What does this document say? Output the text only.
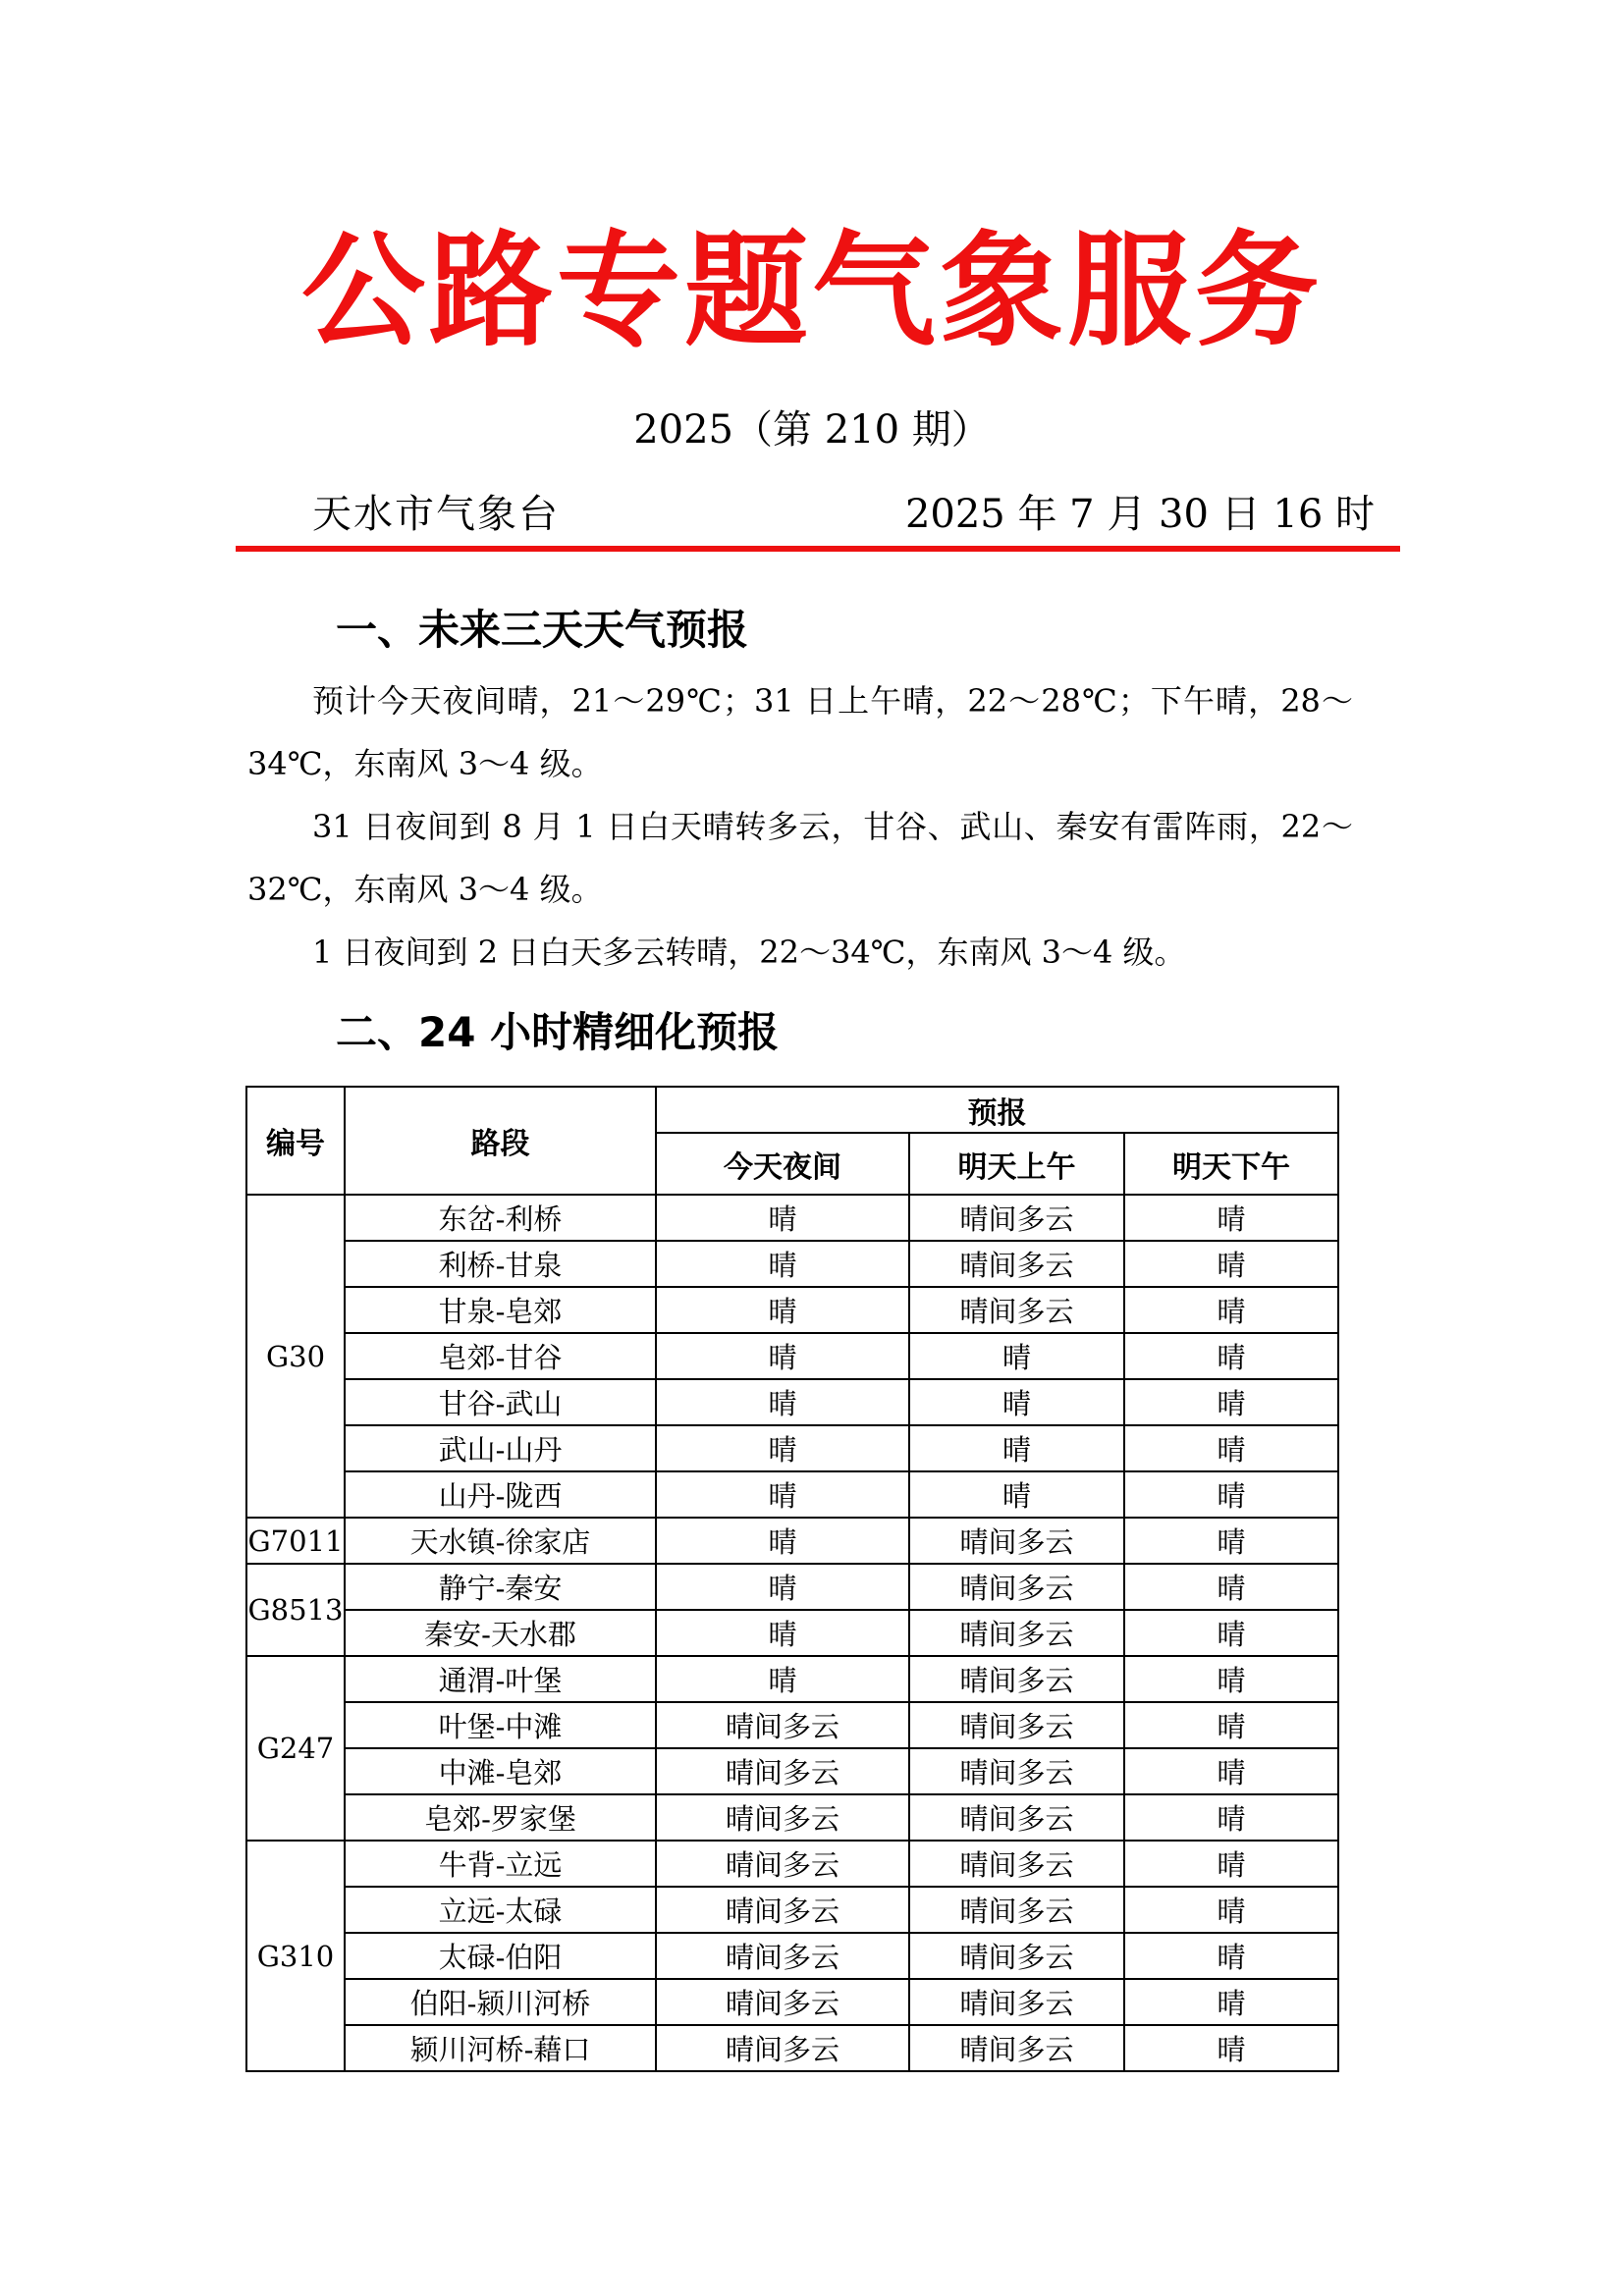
公路专题气象服务
2025（第 210 期）
天水市气象台	2025 年 7 月 30 日 16 时
一、未来三天天气预报

预计今天夜间晴，21～29℃；31 日上午晴，22～28℃；下午晴，28～34℃，东南风 3～4 级。

31 日夜间到 8 月 1 日白天晴转多云，甘谷、武山、秦安有雷阵雨，22～32℃，东南风 3～4 级。

1 日夜间到 2 日白天多云转晴，22～34℃，东南风 3～4 级。

二、24 小时精细化预报
编号	路段	预报		
		今天夜间	明天上午	明天下午
G30	东岔-利桥	晴	晴间多云	晴
	利桥-甘泉	晴	晴间多云	晴
	甘泉-皂郊	晴	晴间多云	晴
	皂郊-甘谷	晴	晴	晴
	甘谷-武山	晴	晴	晴
	武山-山丹	晴	晴	晴
	山丹-陇西	晴	晴	晴
G7011	天水镇-徐家店	晴	晴间多云	晴
G8513	静宁-秦安	晴	晴间多云	晴
	秦安-天水郡	晴	晴间多云	晴
G247	通渭-叶堡	晴	晴间多云	晴
	叶堡-中滩	晴间多云	晴间多云	晴
	中滩-皂郊	晴间多云	晴间多云	晴
	皂郊-罗家堡	晴间多云	晴间多云	晴
G310	牛背-立远	晴间多云	晴间多云	晴
	立远-太碌	晴间多云	晴间多云	晴
	太碌-伯阳	晴间多云	晴间多云	晴
	伯阳-颍川河桥	晴间多云	晴间多云	晴
	颍川河桥-藉口	晴间多云	晴间多云	晴
